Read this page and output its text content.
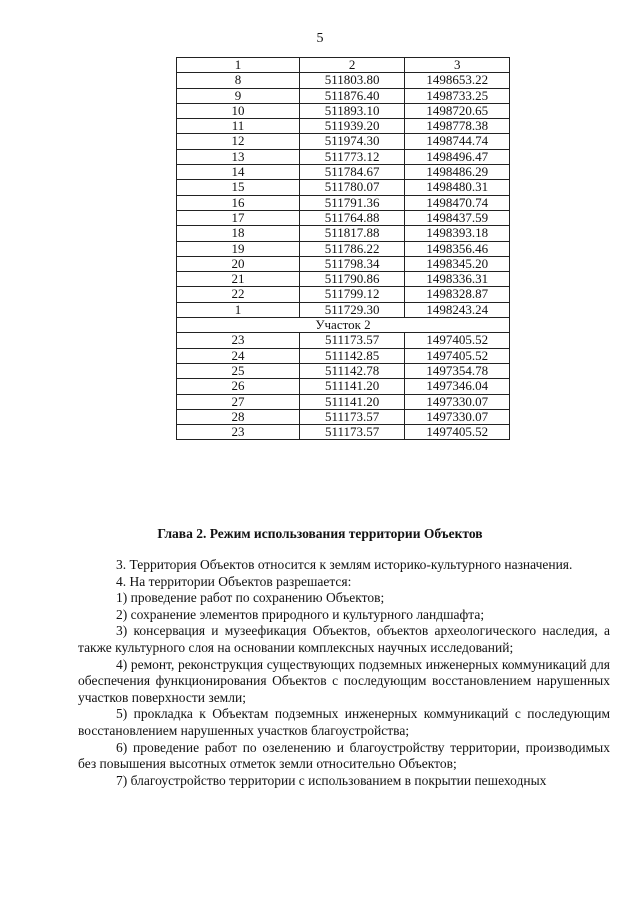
5
1	2	3
8	511803.80	1498653.22
9	511876.40	1498733.25
10	511893.10	1498720.65
11	511939.20	1498778.38
12	511974.30	1498744.74
13	511773.12	1498496.47
14	511784.67	1498486.29
15	511780.07	1498480.31
16	511791.36	1498470.74
17	511764.88	1498437.59
18	511817.88	1498393.18
19	511786.22	1498356.46
20	511798.34	1498345.20
21	511790.86	1498336.31
22	511799.12	1498328.87
1	511729.30	1498243.24
Участок 2		
23	511173.57	1497405.52
24	511142.85	1497405.52
25	511142.78	1497354.78
26	511141.20	1497346.04
27	511141.20	1497330.07
28	511173.57	1497330.07
23	511173.57	1497405.52
Глава 2. Режим использования территории Объектов

3. Территория Объектов относится к землям историко-культурного назначения.

4. На территории Объектов разрешается:

1) проведение работ по сохранению Объектов;

2) сохранение элементов природного и культурного ландшафта;

3) консервация и музеефикация Объектов, объектов археологического наследия, а также культурного слоя на основании комплексных научных исследований;

4) ремонт, реконструкция существующих подземных инженерных коммуникаций для обеспечения функционирования Объектов с последующим восстановлением нарушенных участков поверхности земли;

5) прокладка к Объектам подземных инженерных коммуникаций с последующим восстановлением нарушенных участков благоустройства;

6) проведение работ по озеленению и благоустройству территории, производимых без повышения высотных отметок земли относительно Объектов;

7) благоустройство территории с использованием в покрытии пешеходных
